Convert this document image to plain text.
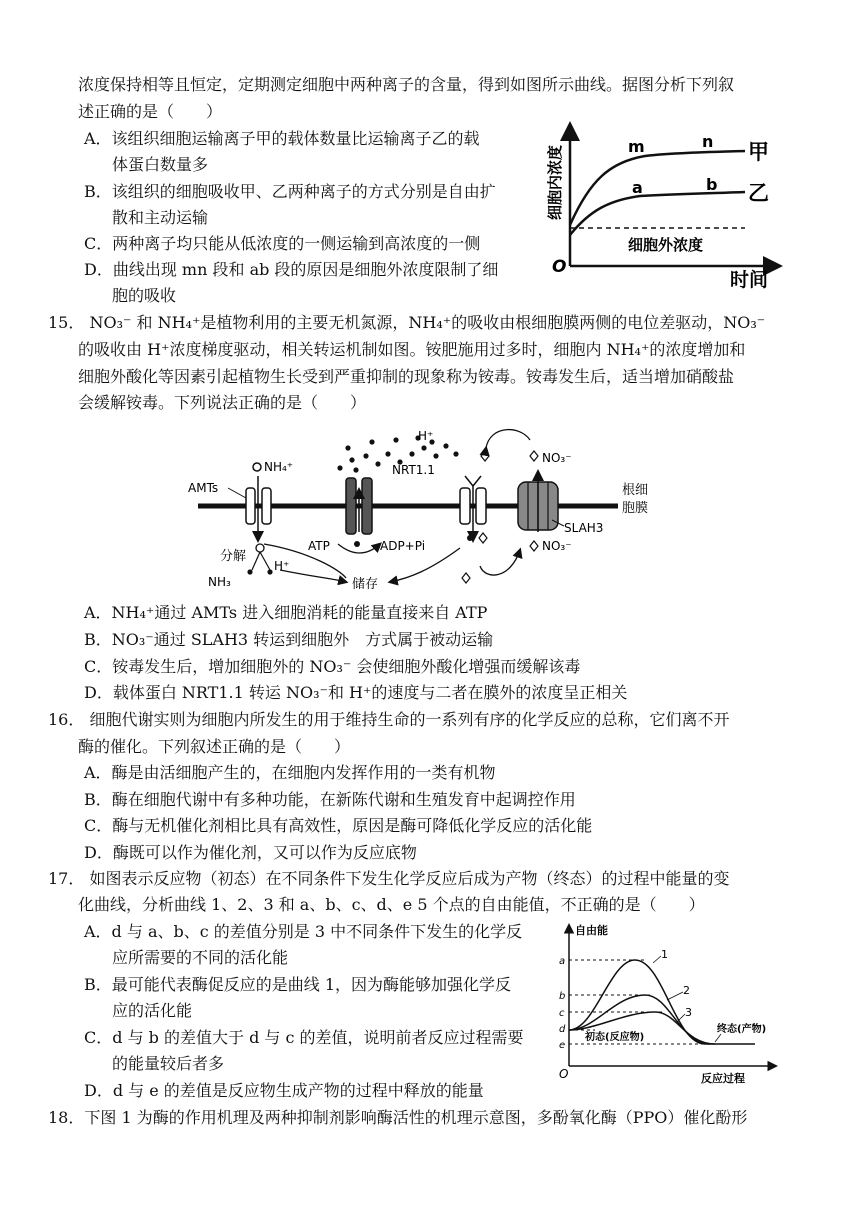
浓度保持相等且恒定，定期测定细胞中两种离子的含量，得到如图所示曲线。据图分析下列叙
述正确的是（　　）
A．该组织细胞运输离子甲的载体数量比运输离子乙的载
体蛋白数量多
B．该组织的细胞吸收甲、乙两种离子的方式分别是自由扩
散和主动运输
C．两种离子均只能从低浓度的一侧运输到高浓度的一侧
D．曲线出现 mn 段和 ab 段的原因是细胞外浓度限制了细
胞的吸收
细胞内浓度
O
时间
细胞外浓度
m	n
a	b
甲
乙
15． NO₃⁻ 和 NH₄⁺是植物利用的主要无机氮源，NH₄⁺的吸收由根细胞膜两侧的电位差驱动，NO₃⁻
的吸收由 H⁺浓度梯度驱动，相关转运机制如图。铵肥施用过多时，细胞内 NH₄⁺的浓度增加和
细胞外酸化等因素引起植物生长受到严重抑制的现象称为铵毒。铵毒发生后，适当增加硝酸盐
会缓解铵毒。下列说法正确的是（　　）
根细
胞膜
NH₄⁺
AMTs
H⁺
ATP	ADP+Pi
NRT1.1
NO₃⁻
SLAH3
NO₃⁻
分解
NH₃
H⁺
储存
A．NH₄⁺通过 AMTs 进入细胞消耗的能量直接来自 ATP
B．NO₃⁻通过 SLAH3 转运到细胞外　方式属于被动运输
C．铵毒发生后，增加细胞外的 NO₃⁻ 会使细胞外酸化增强而缓解该毒
D．载体蛋白 NRT1.1 转运 NO₃⁻和 H⁺的速度与二者在膜外的浓度呈正相关
16． 细胞代谢实则为细胞内所发生的用于维持生命的一系列有序的化学反应的总称，它们离不开
酶的催化。下列叙述正确的是（　　）
A．酶是由活细胞产生的，在细胞内发挥作用的一类有机物
B．酶在细胞代谢中有多种功能，在新陈代谢和生殖发育中起调控作用
C．酶与无机催化剂相比具有高效性，原因是酶可降低化学反应的活化能
D．酶既可以作为催化剂，又可以作为反应底物
17． 如图表示反应物（初态）在不同条件下发生化学反应后成为产物（终态）的过程中能量的变
化曲线，分析曲线 1、2、3 和 a、b、c、d、e 5 个点的自由能值，不正确的是（　　）
A．d 与 a、b、c 的差值分别是 3 中不同条件下发生的化学反
应所需要的不同的活化能
B．最可能代表酶促反应的是曲线 1，因为酶能够加强化学反
应的活化能
C．d 与 b 的差值大于 d 与 c 的差值，说明前者反应过程需要
的能量较后者多
D．d 与 e 的差值是反应物生成产物的过程中释放的能量
自由能
O	反应过程
a
b
c
d
e
1
2
3
初态(反应物)
终态(产物)
18．下图 1 为酶的作用机理及两种抑制剂影响酶活性的机理示意图，多酚氧化酶（PPO）催化酚形
